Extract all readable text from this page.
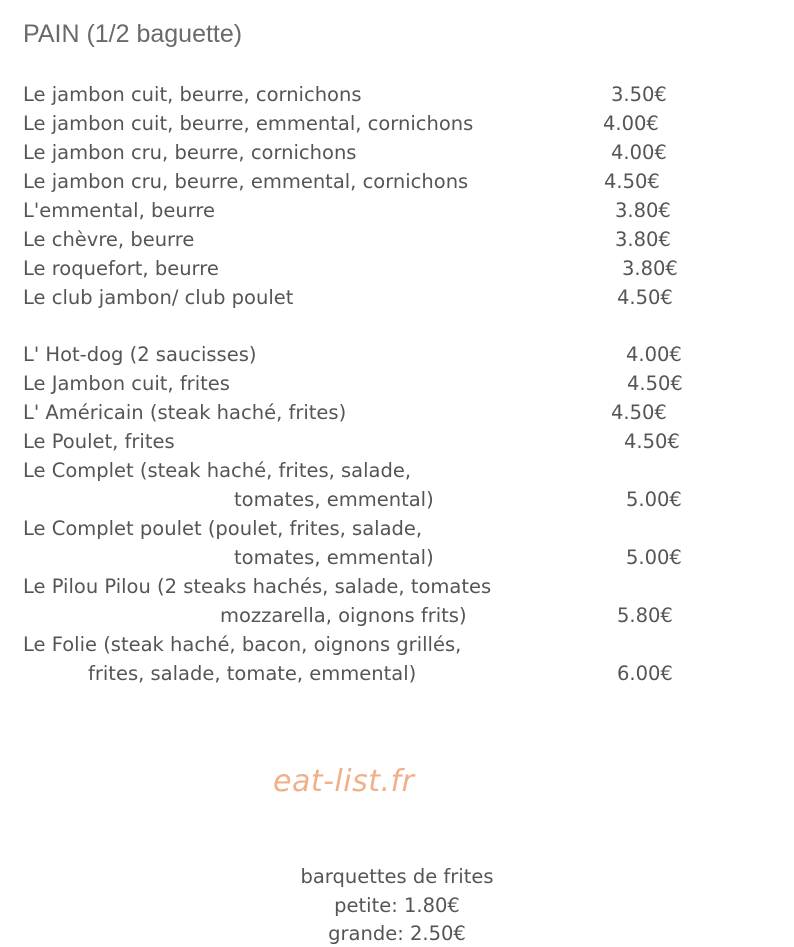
PAIN (1/2 baguette)
Le jambon cuit, beurre, cornichons	3.50€
Le jambon cuit, beurre, emmental, cornichons	4.00€
Le jambon cru, beurre, cornichons	4.00€
Le jambon cru, beurre, emmental, cornichons	4.50€
L'emmental, beurre	3.80€
Le chèvre, beurre	3.80€
Le roquefort, beurre	3.80€
Le club jambon/ club poulet	4.50€
L' Hot-dog (2 saucisses)	4.00€
Le Jambon cuit, frites	4.50€
L' Américain (steak haché, frites)	4.50€
Le Poulet, frites	4.50€
Le Complet (steak haché, frites, salade,
tomates, emmental)	5.00€
Le Complet poulet (poulet, frites, salade,
tomates, emmental)	5.00€
Le Pilou Pilou (2 steaks hachés, salade, tomates
mozzarella, oignons frits)	5.80€
Le Folie (steak haché, bacon, oignons grillés,
frites, salade, tomate, emmental)	6.00€
eat-list.fr
barquettes de frites
petite: 1.80€
grande: 2.50€
